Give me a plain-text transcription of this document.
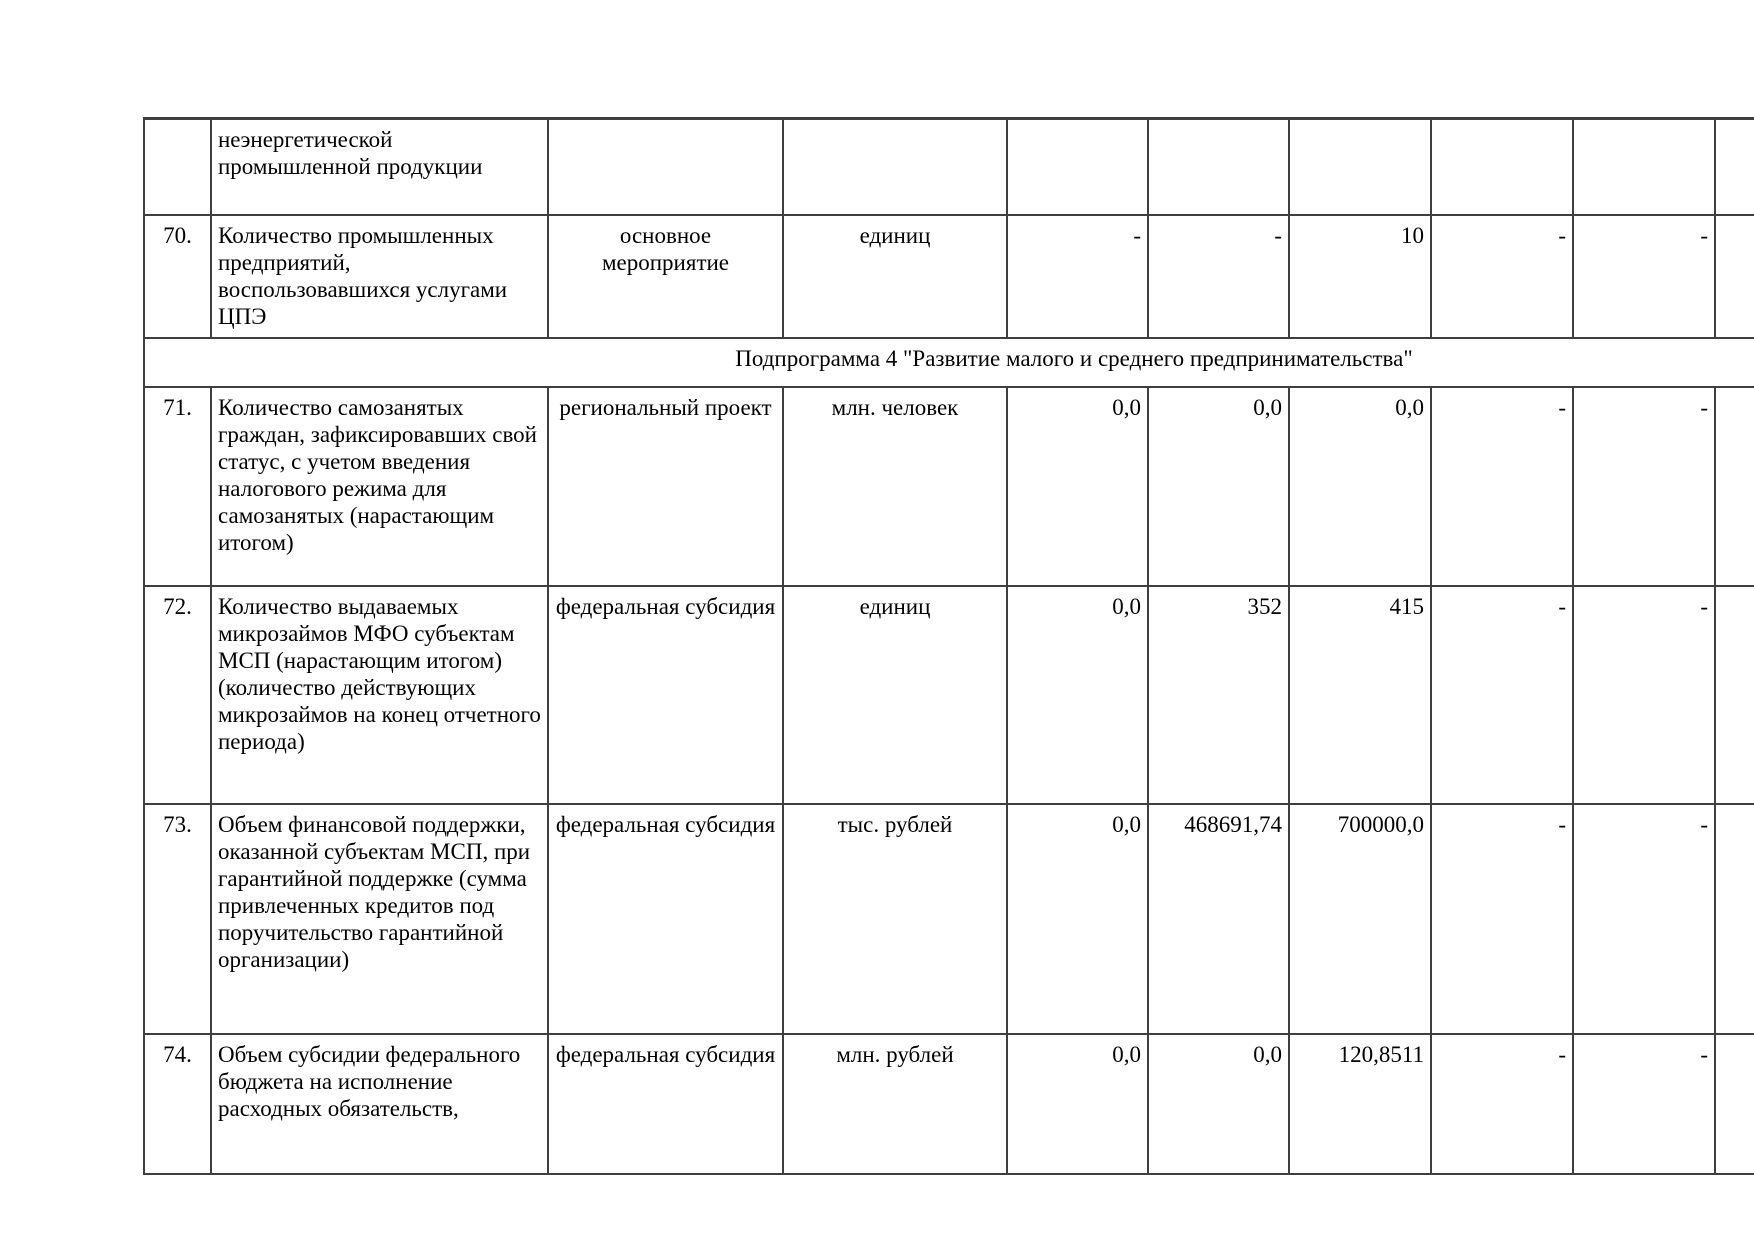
	неэнергетической промышленной продукции									
70.	Количество промышленных предприятий, воспользовавшихся услугами ЦПЭ	основное мероприятие	единиц	-	-	10	-	-		
Подпрограмма 4 "Развитие малого и среднего предпринимательства"										
71.	Количество самозанятых граждан, зафиксировавших свой статус, с учетом введения налогового режима для самозанятых (нарастающим итогом)	региональный проект	млн. человек	0,0	0,0	0,0	-	-		
72.	Количество выдаваемых микрозаймов МФО субъектам МСП (нарастающим итогом) (количество действующих микрозаймов на конец отчетного периода)	федеральная субсидия	единиц	0,0	352	415	-	-		
73.	Объем финансовой поддержки, оказанной субъектам МСП, при гарантийной поддержке (сумма привлеченных кредитов под поручительство гарантийной организации)	федеральная субсидия	тыс. рублей	0,0	468691,74	700000,0	-	-		
74.	Объем субсидии федерального бюджета на исполнение расходных обязательств,	федеральная субсидия	млн. рублей	0,0	0,0	120,8511	-	-		
